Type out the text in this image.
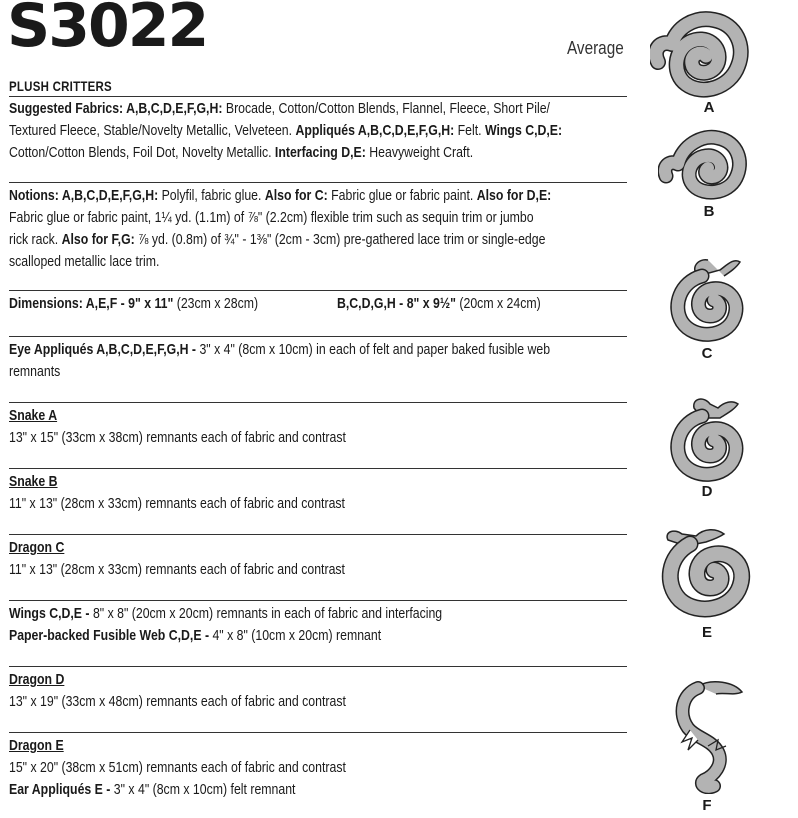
S3022	Average
PLUSH CRITTERS
Suggested Fabrics: A,B,C,D,E,F,G,H: Brocade, Cotton/Cotton Blends, Flannel, Fleece, Short Pile/
Textured Fleece, Stable/Novelty Metallic, Velveteen. Appliqués A,B,C,D,E,F,G,H: Felt. Wings C,D,E:
Cotton/Cotton Blends, Foil Dot, Novelty Metallic. Interfacing D,E: Heavyweight Craft.
Notions: A,B,C,D,E,F,G,H: Polyfil, fabric glue. Also for C: Fabric glue or fabric paint. Also for D,E:
Fabric glue or fabric paint, 1¼ yd. (1.1m) of ⅞" (2.2cm) flexible trim such as sequin trim or jumbo
rick rack. Also for F,G: ⅞ yd. (0.8m) of ¾" - 1⅜" (2cm - 3cm) pre-gathered lace trim or single-edge
scalloped metallic lace trim.
Dimensions: A,E,F - 9" x 11" (23cm x 28cm)	B,C,D,G,H - 8" x 9½" (20cm x 24cm)
Eye Appliqués A,B,C,D,E,F,G,H - 3" x 4" (8cm x 10cm) in each of felt and paper baked fusible web
remnants
Snake A
13" x 15" (33cm x 38cm) remnants each of fabric and contrast
Snake B
11" x 13" (28cm x 33cm) remnants each of fabric and contrast
Dragon C
11" x 13" (28cm x 33cm) remnants each of fabric and contrast
Wings C,D,E - 8" x 8" (20cm x 20cm) remnants in each of fabric and interfacing
Paper-backed Fusible Web C,D,E - 4" x 8" (10cm x 20cm) remnant
Dragon D
13" x 19" (33cm x 48cm) remnants each of fabric and contrast
Dragon E
15" x 20" (38cm x 51cm) remnants each of fabric and contrast
Ear Appliqués E - 3" x 4" (8cm x 10cm) felt remnant
A
B
C
D
E
F
